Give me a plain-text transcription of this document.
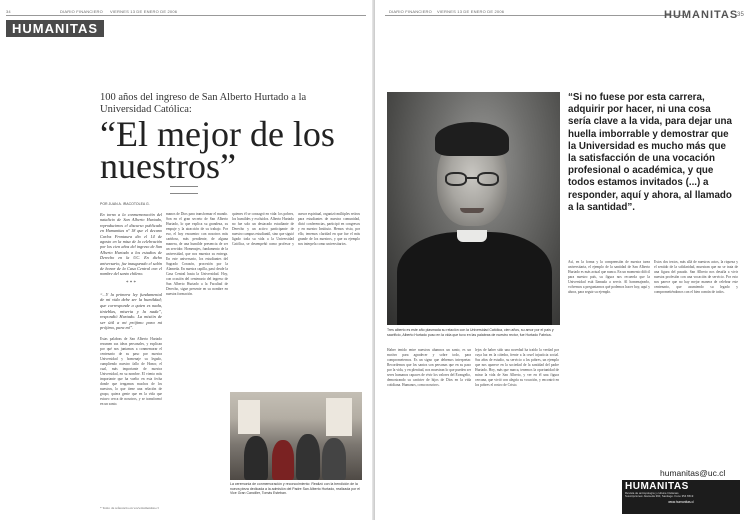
34	DIARIO FINANCIERO VIERNES 13 DE ENERO DE 2006
HUMANITAS
100 años del ingreso de San Alberto Hurtado a la Universidad Católica:
“El mejor de los nuestros”
POR JUAN A. IRACOTOLEA G.

En torno a la conmemoración del natalicio de San Alberto Hurtado, reproducimos el discurso publicado en Humanitas nº 18 que el decano Carlos Frontaura dio el 14 de agosto en la misa de la celebración por los cien años del ingreso de San Alberto Hurtado a los estudios de Derecho en la UC. En dicho aniversario, fue inaugurado el salón de honor de la Casa Central con el nombre del santo chileno.

* * *

“...Y la primera ley fundamental de mi vida debe ser la humildad; que corresponde a quien es nada, tinieblas, miseria y la nada”, respondió Hurtado. La misión de ser útil a mi prójimo para mi prójimo, para mí”.

Estas palabras de San Alberto Hurtado resumen sus ideas personales, y explican por qué nos juntamos a conmemorar el centenario de su paso por nuestra Universidad y homenaje su legado, cumpliendo nuestro fallo de Honor, el cual, más importante de nuestra Universidad, en su nombre. El viento más importante que ha vuelto en esta fecha donde que tengamos muchos de los nuestros, lo que tiene una relación de grupo, quiera gente que en la vida que estuvo cerca de nosotros, y se transformó en un santo.

manos de Dios para transformar el mundo. Son en el gran secreto de San Alberto Hurtado, lo que explica su grandeza, su empuje y la atracción de su trabajo. Por eso, el hoy encuentro con nosotros más cariñoso, más pendiente, de alguna manera, de una humilde presencia de ser un servidor. Homenajes, fundamento de la universidad, que nos muestra su entrega. En este aniversario, los estudiantes del Sagrado Corazón, procesión por la Alameda. En nuestra capilla, pasó desde la Casa Central hasta la Universidad. Hoy, con ocasión del centenario del ingreso de San Alberto Hurtado a la Facultad de Derecho, sigue presente en su nombre en nuestra formación.

quienes él se consagró en vida: los pobres, los humildes y excluidos. Alberto Hurtado no fue solo un destacado estudiante de Derecho y un activo participante de nuestro campus estudiantil, sino que siguió ligado toda su vida a la Universidad Católica, se desempeñó como profesor y asesor espiritual, organizó múltiples retiros para estudiantes de nuestra comunidad, dictó conferencias, participó en congresos y en nuestro Instituto. Hemos visto, por ello, tenemos claridad en que fue el más grande de los nuestros, y que su ejemplo nos interpela como universitarios.

La ceremonia de conmemoración y reconocimiento: Realizó con la bendición de la nueva pieza dedicada a la admisión del Padre San Alberto Hurtado, realizada por el Vice Gran Canciller, Tomás Esteban.
* Texto de referencia en www.humanitas.cl
DIARIO FINANCIERO VIERNES 13 DE ENERO DE 2006	HUMANITAS
35
“Si no fuese por esta carrera, adquirir por hacer, ni una cosa sería clave a la vida, para dejar una huella imborrable y demostrar que la Universidad es mucho más que la satisfacción de una vocación profesional o académica, y que todos estamos invitados (...) a responder, aquí y ahora, al llamado a la santidad”.
Tres alberto es este año plasmada su relación con la Universidad Católica, cien años, su amor por el país y sacrificio, Alberto Hurtado puso en la vida que tuvo en las palabras de nuestro rector, fue Hurtado Fabrica.

Haber tenido entre nuestros alumnos un santo, es un motivo para agradecer y sobre todo, para comprometernos. Es un signo que debemos interpretar. Recordemos que los santos son personas que en su paso por la vida, y en plenitud, nos muestran lo que pueden ser seres humanos capaces de vivir los valores del Evangelio, demostrando su carácter de hijos de Dios en la vida cotidiana. Humanos, como nosotros.

lejos de haber sido una novedad ha traído la verdad por cuya luz en la cátedra, frente a la cruel injusticia social. Sus años de estudio, su servicio a los pobres, un ejemplo que nos aparece en la sociedad de la santidad del padre Hurtado. Hoy, más que nunca, tenemos la oportunidad de mirar la vida de San Alberto, y ver en él una figura cercana, que vivió con alegría su vocación, y encontró en los pobres el rostro de Cristo.

Así, en la forma y la comprensión de nuestra tarea universitaria, el ejemplo de la santidad de San Alberto Hurtado es más actual que nunca. En un momento difícil para nuestro país, su figura nos recuerda que la Universidad está llamada a servir. Al homenajearlo, volvemos a preguntarnos qué podemos hacer hoy, aquí y ahora, para seguir su ejemplo.

Estos dos textos, más allá de nuestros actos, la riqueza y el sentido de la solidaridad, muestran que no se trata de una figura del pasado. San Alberto nos desafía a vivir nuestra profesión con una vocación de servicio. Por esto nos parece que no hay mejor manera de celebrar este centenario, que asumiendo su legado y comprometiéndonos con el bien común de todos.

humanitas@uc.cl
HUMANITAS
Revista de antropología y cultura cristianas
Suscripciones: Alameda 390, Santiago. Fono 354 6519
www.humanitas.cl
